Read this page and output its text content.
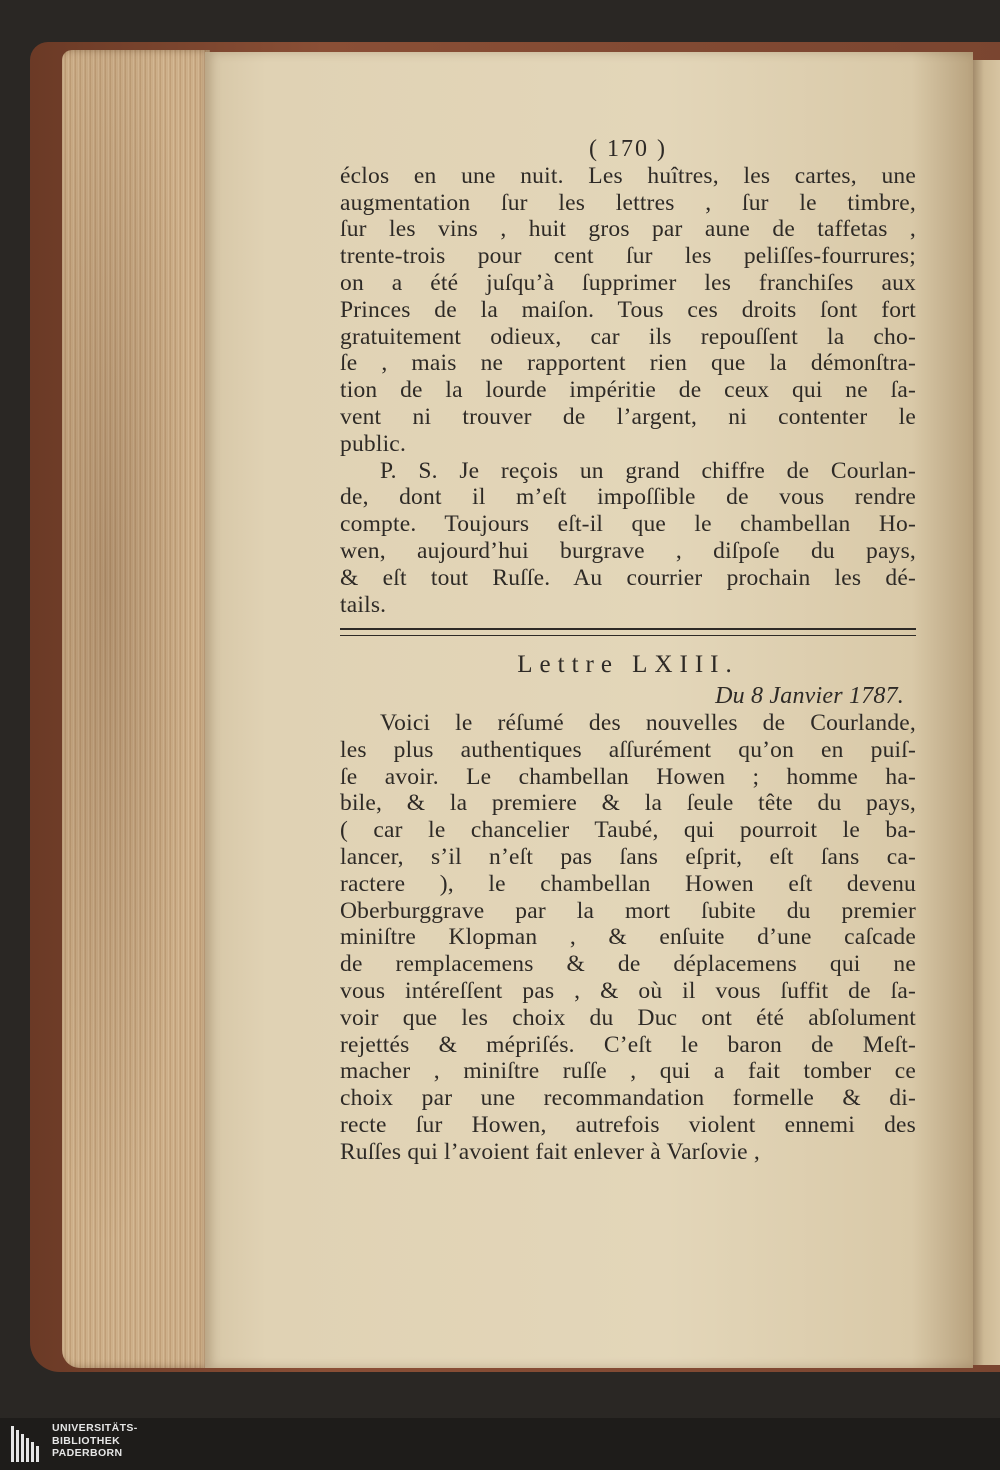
( 170 )
éclos en une nuit. Les huîtres, les cartes, une
augmentation ſur les lettres , ſur le timbre,
ſur les vins , huit gros par aune de taffetas ,
trente-trois pour cent ſur les peliſſes-fourrures;
on a été juſqu’à ſupprimer les franchiſes aux
Princes de la maiſon. Tous ces droits ſont fort
gratuitement odieux, car ils repouſſent la cho-
ſe , mais ne rapportent rien que la démonſtra-
tion de la lourde impéritie de ceux qui ne ſa-
vent ni trouver de l’argent, ni contenter le
public.
P. S. Je reçois un grand chiffre de Courlan-
de, dont il m’eſt impoſſible de vous rendre
compte. Toujours eſt-il que le chambellan Ho-
wen, aujourd’hui burgrave , diſpoſe du pays,
& eſt tout Ruſſe. Au courrier prochain les dé-
tails.
Lettre LXIII.
Du 8 Janvier 1787.
Voici le réſumé des nouvelles de Courlande,
les plus authentiques aſſurément qu’on en puiſ-
ſe avoir. Le chambellan Howen ; homme ha-
bile, & la premiere & la ſeule tête du pays,
( car le chancelier Taubé, qui pourroit le ba-
lancer, s’il n’eſt pas ſans eſprit, eſt ſans ca-
ractere ), le chambellan Howen eſt devenu
Oberburggrave par la mort ſubite du premier
miniſtre Klopman , & enſuite d’une caſcade
de remplacemens & de déplacemens qui ne
vous intéreſſent pas , & où il vous ſuffit de ſa-
voir que les choix du Duc ont été abſolument
rejettés & mépriſés. C’eſt le baron de Meſt-
macher , miniſtre ruſſe , qui a fait tomber ce
choix par une recommandation formelle & di-
recte ſur Howen, autrefois violent ennemi des
Ruſſes qui l’avoient fait enlever à Varſovie ,
UNIVERSITÄTS-
BIBLIOTHEK
PADERBORN
